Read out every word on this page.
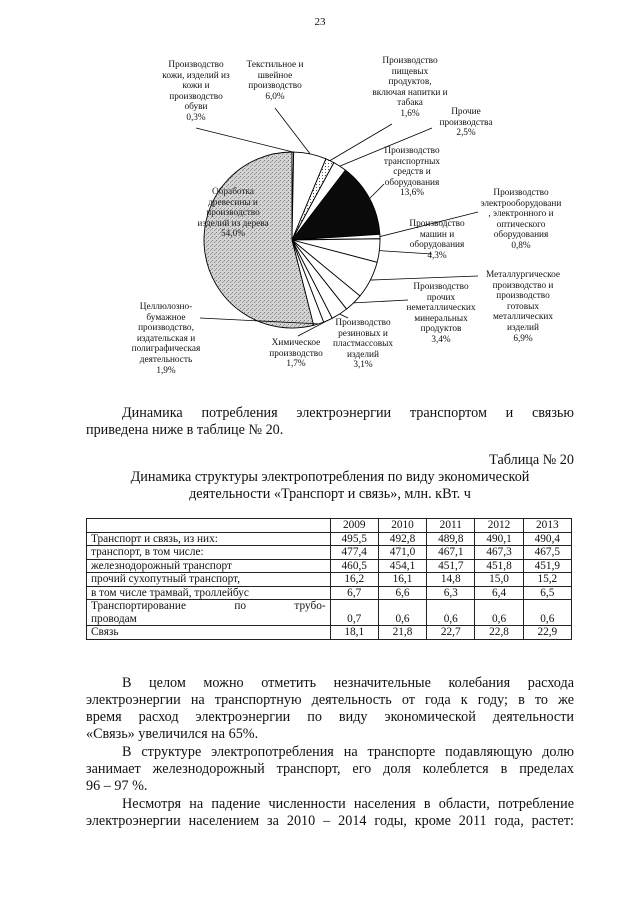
23
Производство
кожи, изделий из
кожи и
производство
обуви
0,3%
Текстильное и
швейное
производство
6,0%
Производство
пищевых
продуктов,
включая напитки и
табака
1,6%	Прочие
производства
2,5%
Производство
транспортных
средств и
оборудования
13,6%	Производство
электрооборудовани
, электронного и
оптического
оборудования
0,8%
Производство
машин и
оборудования
4,3%
Металлургическое
производство и
производство
готовых
металлических
изделий
6,9%
Производство
прочих
неметаллических
минеральных
продуктов
3,4%
Производство
резиновых и
пластмассовых
изделий
3,1%
Химическое
производство
1,7%
Целлюлозно-
бумажное
производство,
издательская и
полиграфическая
деятельность
1,9%
Обработка
древесины и
производство
изделий из дерева
54,0%
Динамика потребления электроэнергии транспортом и связью
приведена ниже в таблице № 20.
Таблица № 20
Динамика структуры электропотребления по виду экономической
деятельности «Транспорт и связь», млн. кВт. ч
	2009	2010	2011	2012	2013
Транспорт и связь, из них:	495,5	492,8	489,8	490,1	490,4
транспорт, в том числе:	477,4	471,0	467,1	467,3	467,5
железнодорожный транспорт	460,5	454,1	451,7	451,8	451,9
прочий сухопутный транспорт,	16,2	16,1	14,8	15,0	15,2
в том числе трамвай, троллейбус	6,7	6,6	6,3	6,4	6,5

Транспортирование по трубо-
проводам	0,7	0,6	0,6	0,6	0,6
Связь	18,1	21,8	22,7	22,8	22,9
В целом можно отметить незначительные колебания расхода
электроэнергии на транспортную деятельность от года к году; в то же
время расход электроэнергии по виду экономической деятельности
«Связь» увеличился на 65%.
В структуре электропотребления на транспорте подавляющую долю
занимает железнодорожный транспорт, его доля колеблется в пределах
96 – 97 %.
Несмотря на падение численности населения в области, потребление
электроэнергии населением за 2010 – 2014 годы, кроме 2011 года, растет:
